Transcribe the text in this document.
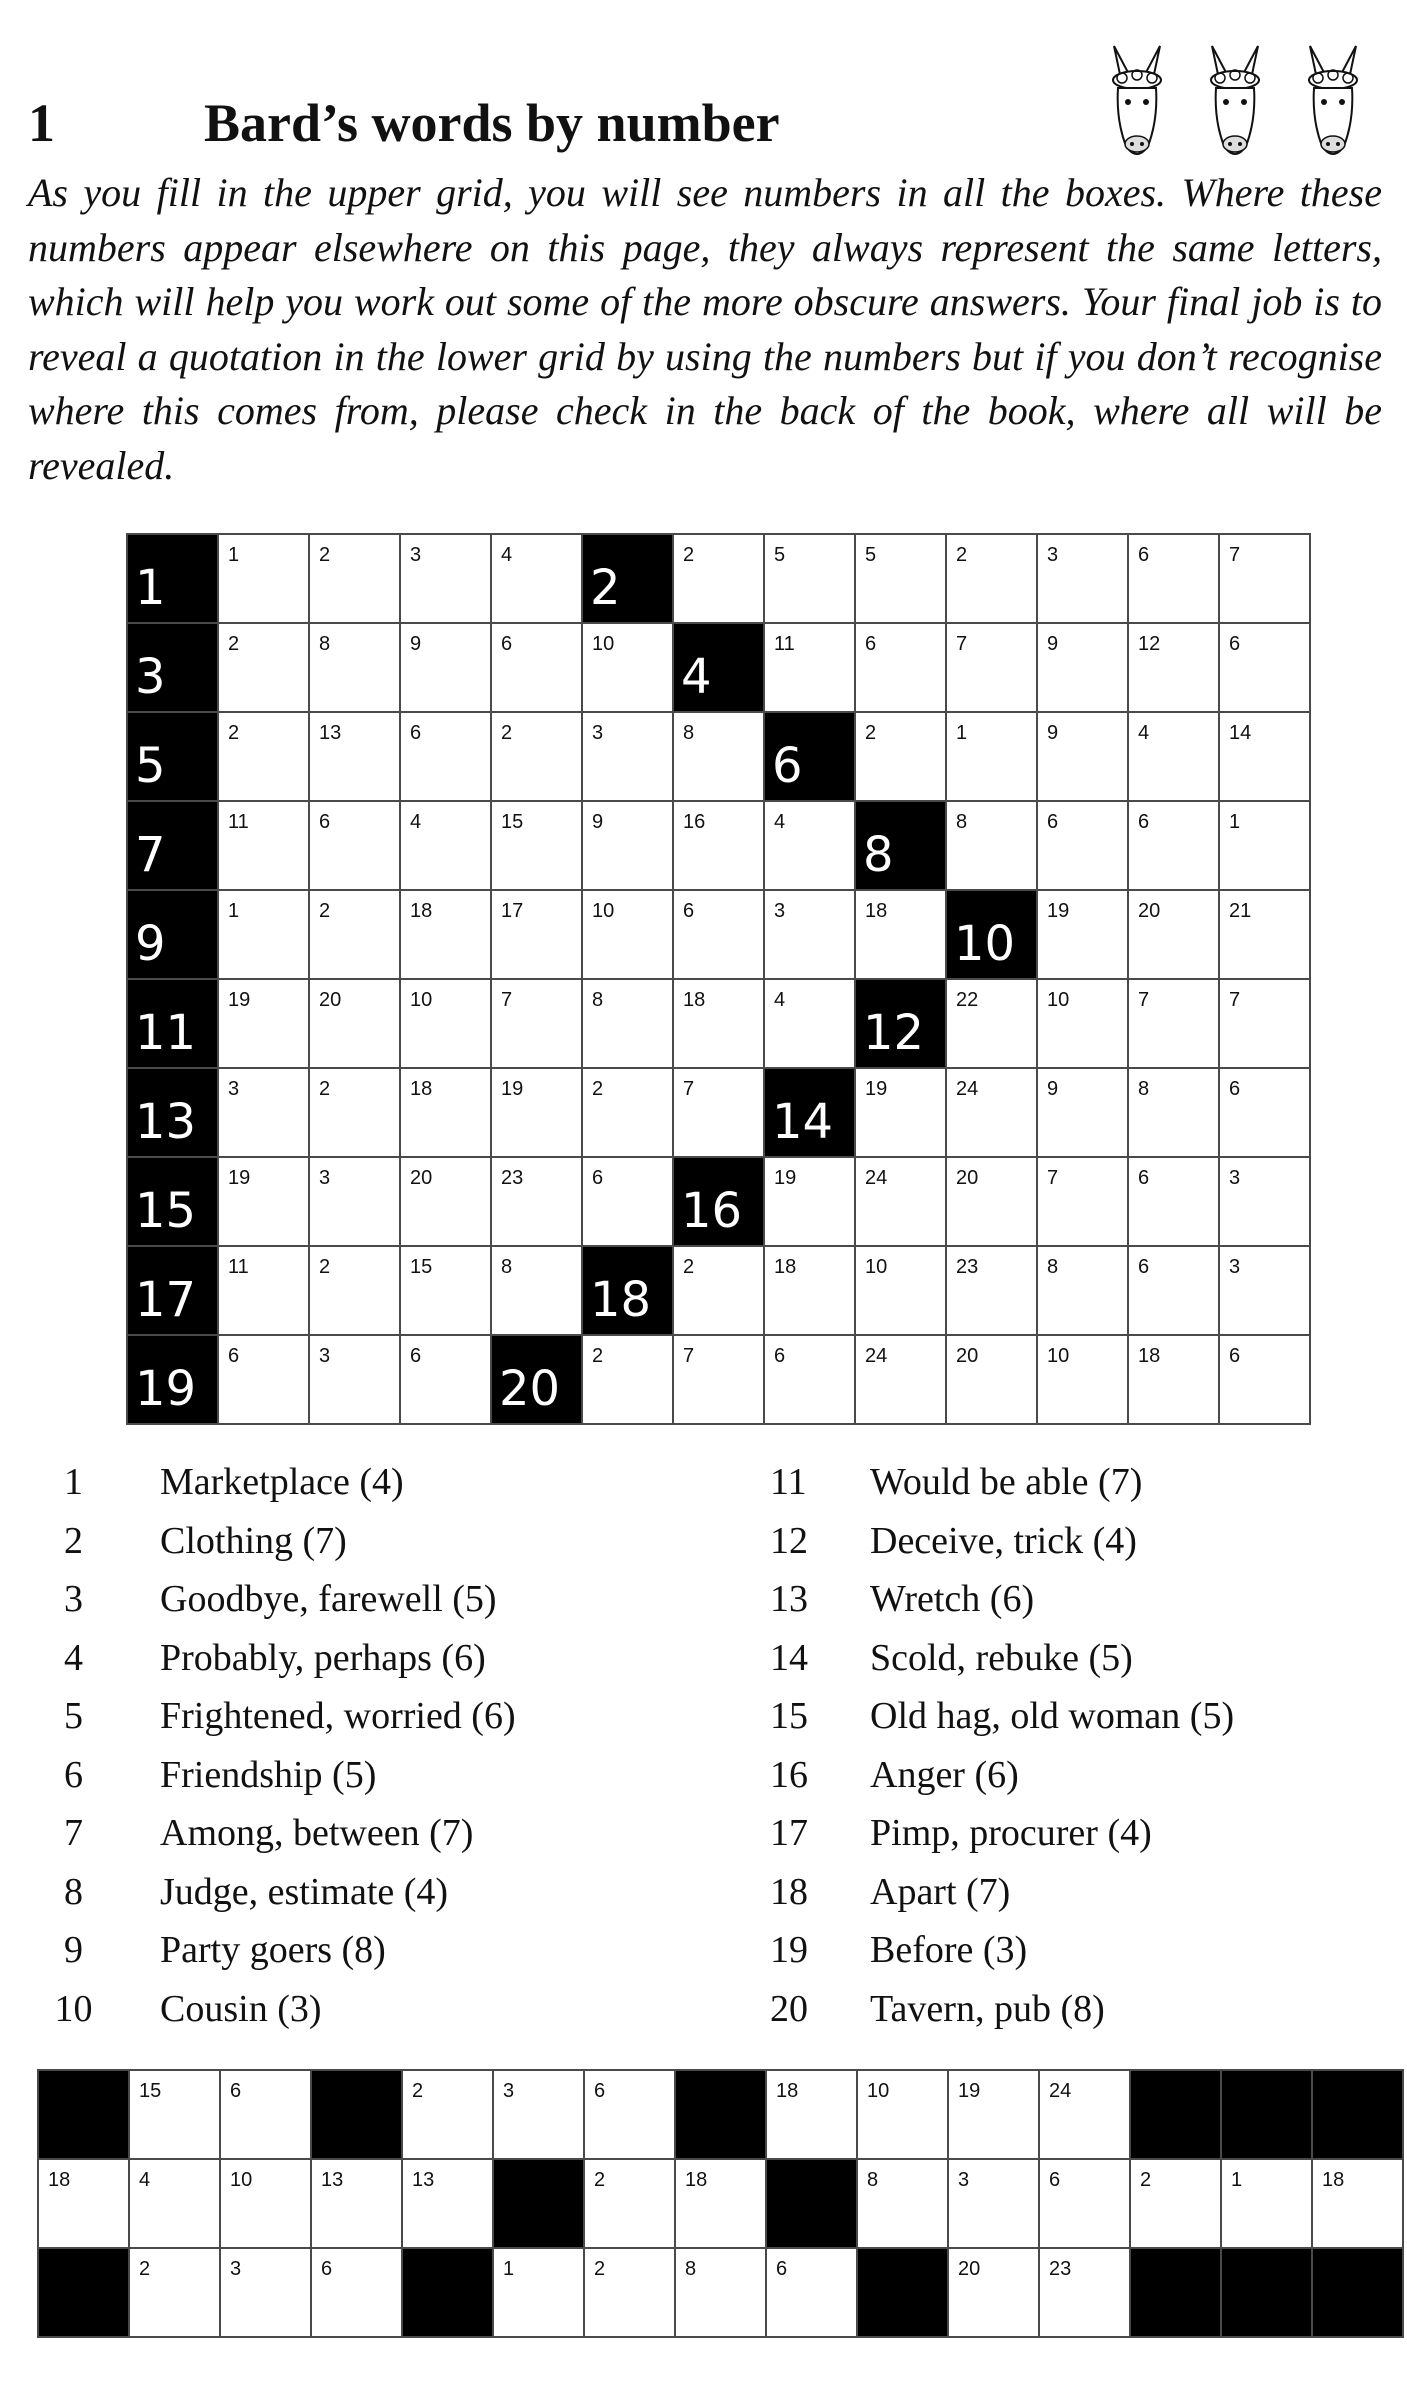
1	Bard’s words by number

As you fill in the upper grid, you will see numbers in all the boxes. Where these numbers appear elsewhere on this page, they always represent the same letters, which will help you work out some of the more obscure answers. Your final job is to reveal a quotation in the lower grid by using the numbers but if you don’t recognise where this comes from, please check in the back of the book, where all will be revealed.

1	1	2	3	4	2	2	5	5	2	3	6	7

3	2	8	9	6	10	4	11	6	7	9	12	6

5	2	13	6	2	3	8	6	2	1	9	4	14

7	11	6	4	15	9	16	4	8	8	6	6	1

9	1	2	18	17	10	6	3	18	10	19	20	21

11	19	20	10	7	8	18	4	12	22	10	7	7

13	3	2	18	19	2	7	14	19	24	9	8	6

15	19	3	20	23	6	16	19	24	20	7	6	3

17	11	2	15	8	18	2	18	10	23	8	6	3

19	6	3	6	20	2	7	6	24	20	10	18	6
1	Marketplace (4)
2	Clothing (7)
3	Goodbye, farewell (5)
4	Probably, perhaps (6)
5	Frightened, worried (6)
6	Friendship (5)
7	Among, between (7)
8	Judge, estimate (4)
9	Party goers (8)
10	Cousin (3)
11	Would be able (7)
12	Deceive, trick (4)
13	Wretch (6)
14	Scold, rebuke (5)
15	Old hag, old woman (5)
16	Anger (6)
17	Pimp, procurer (4)
18	Apart (7)
19	Before (3)
20	Tavern, pub (8)

	15	6		2	3	6		18	10	19	24			

18	4	10	13	13		2	18		8	3	6	2	1	18

	2	3	6		1	2	8	6		20	23			
